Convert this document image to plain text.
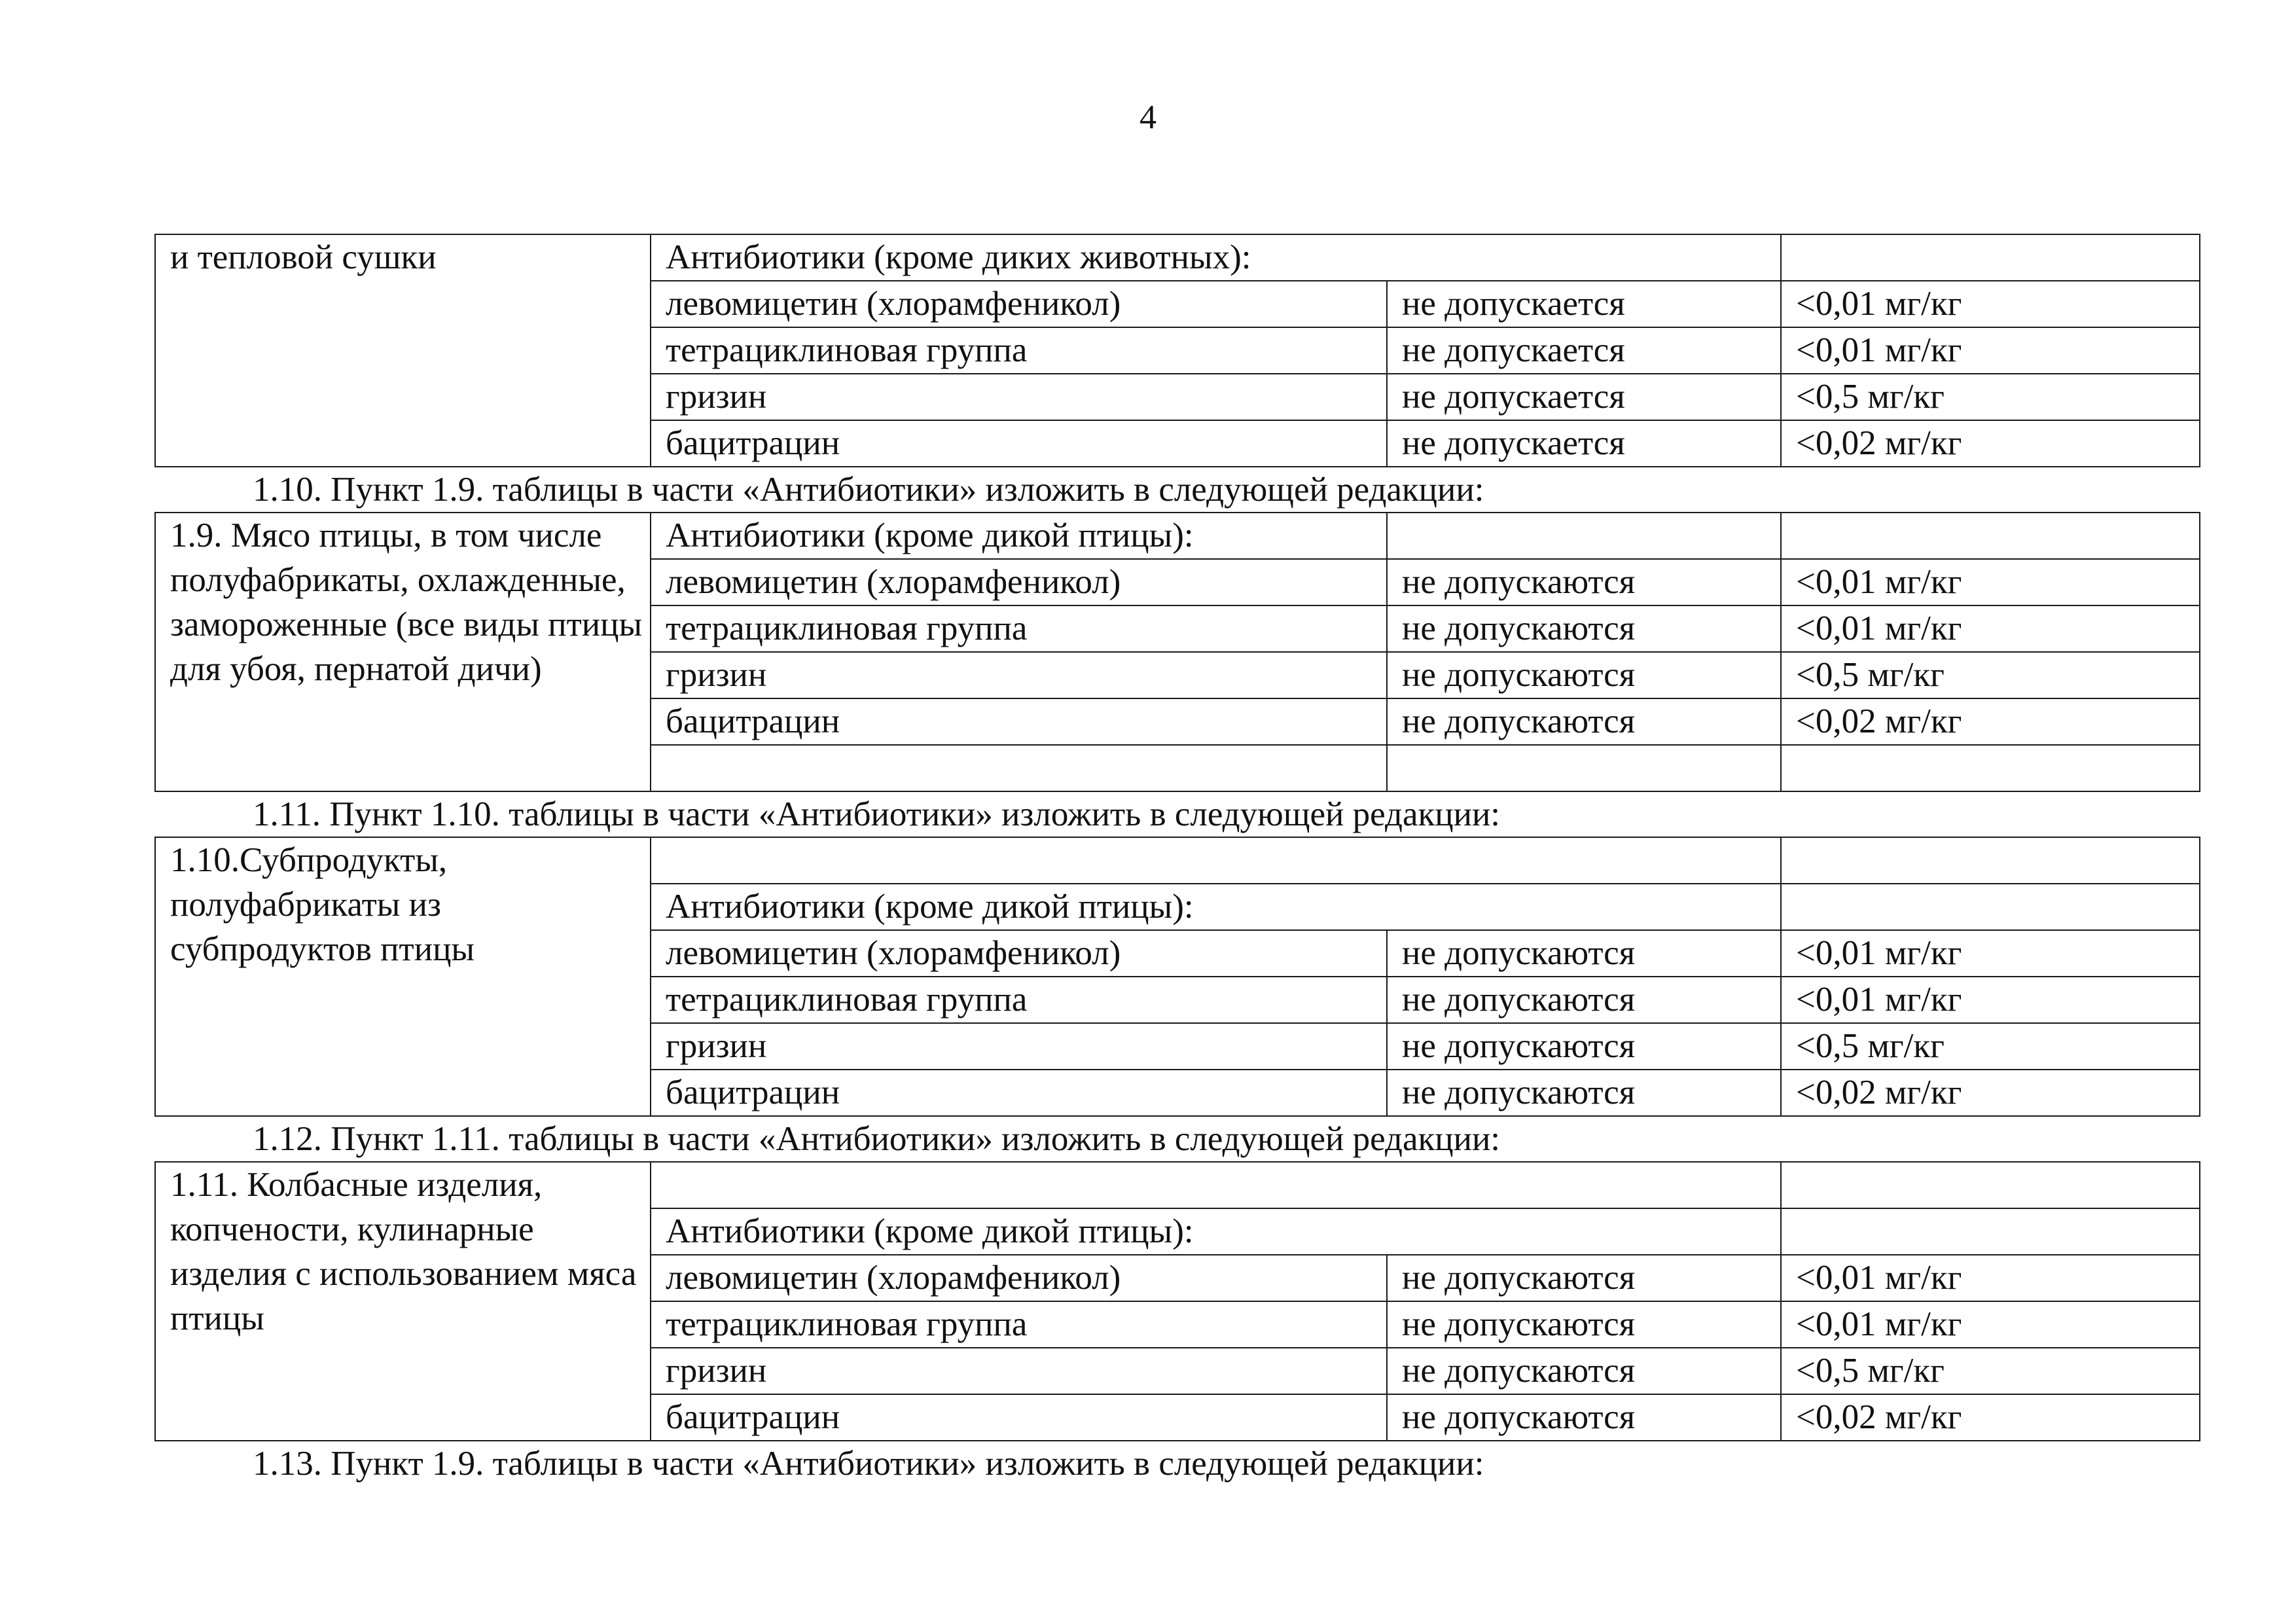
4
и тепловой сушки	Антибиотики (кроме диких животных):		
	левомицетин (хлорамфеникол)	не допускается	<0,01 мг/кг
	тетрациклиновая группа	не допускается	<0,01 мг/кг
	гризин	не допускается	<0,5 мг/кг
	бацитрацин	не допускается	<0,02 мг/кг
1.10. Пункт 1.9. таблицы в части «Антибиотики» изложить в следующей редакции:
1.9. Мясо птицы, в том числе полуфабрикаты, охлажденные, замороженные (все виды птицы для убоя, пернатой дичи)	Антибиотики (кроме дикой птицы):		
	левомицетин (хлорамфеникол)	не допускаются	<0,01 мг/кг
	тетрациклиновая группа	не допускаются	<0,01 мг/кг
	гризин	не допускаются	<0,5 мг/кг
	бацитрацин	не допускаются	<0,02 мг/кг

1.11. Пункт 1.10. таблицы в части «Антибиотики» изложить в следующей редакции:
1.10.Субпродукты, полуфабрикаты из субпродуктов птицы			
	Антибиотики (кроме дикой птицы):		
	левомицетин (хлорамфеникол)	не допускаются	<0,01 мг/кг
	тетрациклиновая группа	не допускаются	<0,01 мг/кг
	гризин	не допускаются	<0,5 мг/кг
	бацитрацин	не допускаются	<0,02 мг/кг
1.12. Пункт 1.11. таблицы в части «Антибиотики» изложить в следующей редакции:
1.11. Колбасные изделия, копчености, кулинарные изделия с использованием мяса птицы			
	Антибиотики (кроме дикой птицы):		
	левомицетин (хлорамфеникол)	не допускаются	<0,01 мг/кг
	тетрациклиновая группа	не допускаются	<0,01 мг/кг
	гризин	не допускаются	<0,5 мг/кг
	бацитрацин	не допускаются	<0,02 мг/кг
1.13. Пункт 1.9. таблицы в части «Антибиотики» изложить в следующей редакции:
